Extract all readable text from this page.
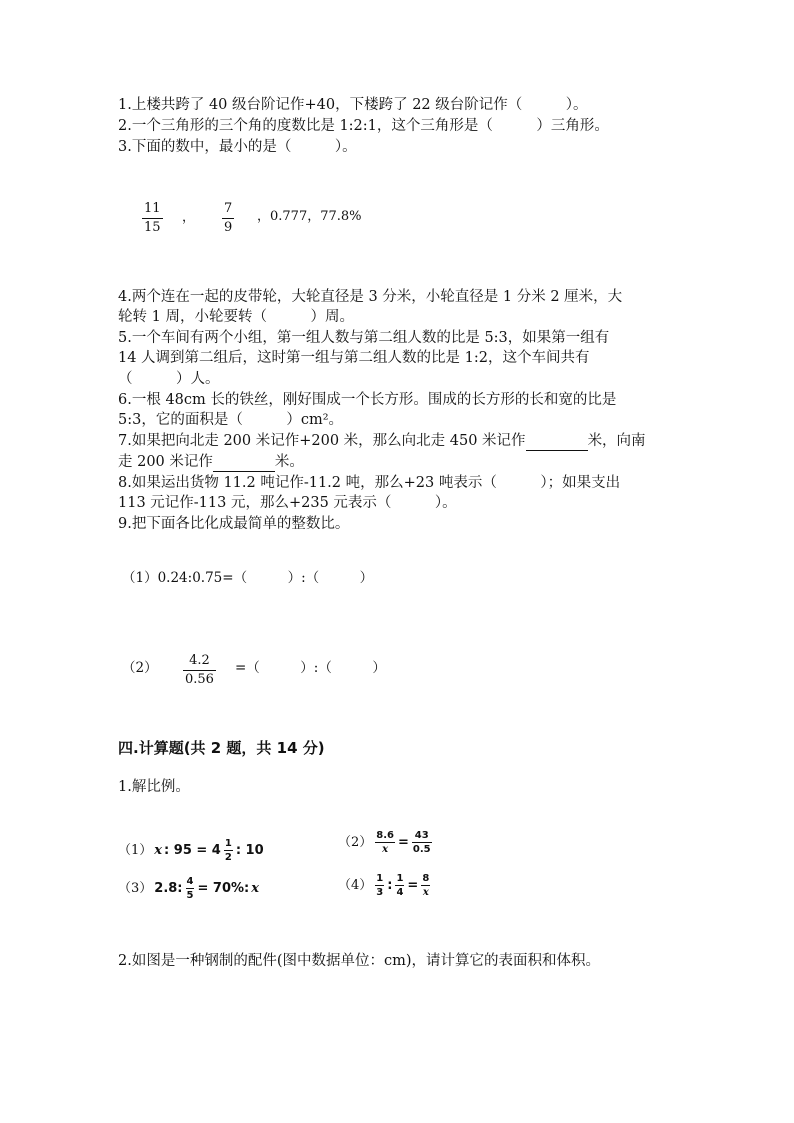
1.上楼共跨了 40 级台阶记作+40，下楼跨了 22 级台阶记作（　　　）。
2.一个三角形的三个角的度数比是 1:2:1，这个三角形是（　　　）三角形。
3.下面的数中，最小的是（　　　）。
11
15
，
7
9
，0.777，77.8%
4.两个连在一起的皮带轮，大轮直径是 3 分米，小轮直径是 1 分米 2 厘米，大
轮转 1 周，小轮要转（　　　）周。
5.一个车间有两个小组，第一组人数与第二组人数的比是 5:3，如果第一组有
14 人调到第二组后，这时第一组与第二组人数的比是 1:2，这个车间共有
（　　　）人。
6.一根 48cm 长的铁丝，刚好围成一个长方形。围成的长方形的长和宽的比是
5:3，它的面积是（　　　）cm²。
7.如果把向北走 200 米记作+200 米，那么向北走 450 米记作	米，向南
走 200 米记作	米。
8.如果运出货物 11.2 吨记作-11.2 吨，那么+23 吨表示（　　　）；如果支出
113 元记作-113 元，那么+235 元表示（　　　）。
9.把下面各比化成最简单的整数比。
（1）0.24:0.75=（　　　）:（　　　）
（2） 4.2
0.56
=（　　　）:（　　　）
四.计算题(共 2 题，共 14 分)
1.解比例。
（1） x : 95 = 4 1
2 : 10
（2） 8.6
x = 43
0.5
（3） 2.8: 4
5 = 70%: x	（4） 1
3 : 1
4 = 8
x
2.如图是一种钢制的配件(图中数据单位：cm)，请计算它的表面积和体积。
